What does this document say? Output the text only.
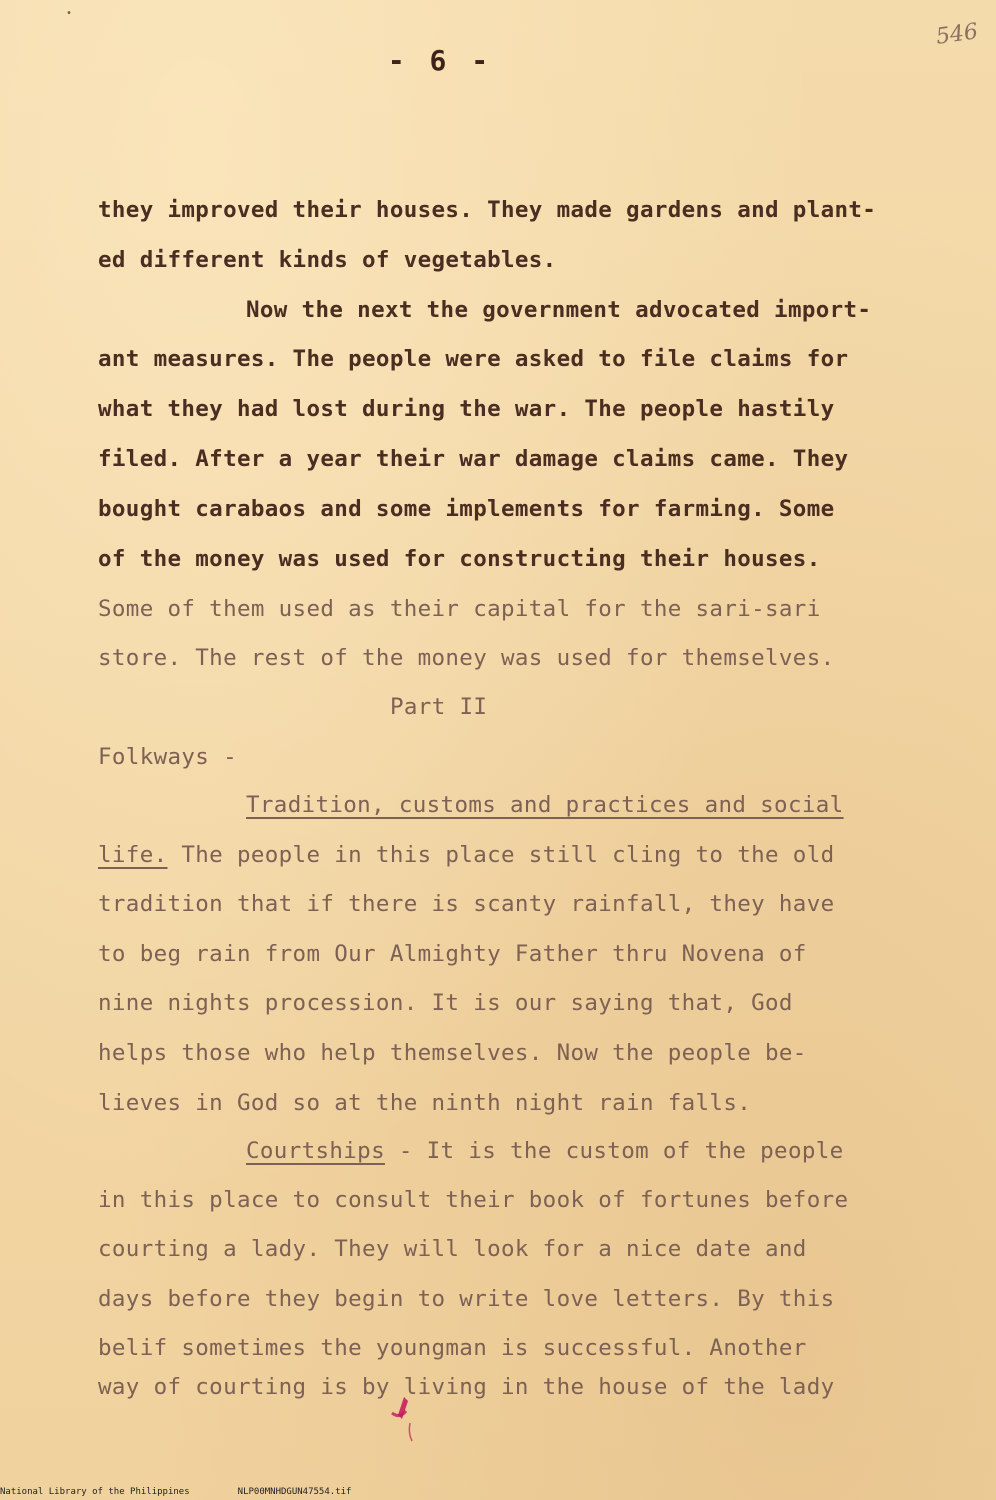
•
546
- 6 -
they improved their houses. They made gardens and plant-
ed different kinds of vegetables.
Now the next the government advocated import-
ant measures. The people were asked to file claims for
what they had lost during the war. The people hastily
filed. After a year their war damage claims came. They
bought carabaos and some implements for farming. Some
of the money was used for constructing their houses.
Some of them used as their capital for the sari-sari
store. The rest of the money was used for themselves.
Part II
Folkways -
Tradition, customs and practices and social
life. The people in this place still cling to the old
tradition that if there is scanty rainfall, they have
to beg rain from Our Almighty Father thru Novena of
nine nights procession. It is our saying that, God
helps those who help themselves. Now the people be-
lieves in God so at the ninth night rain falls.
Courtships - It is the custom of the people
in this place to consult their book of fortunes before
courting a lady. They will look for a nice date and
days before they begin to write love letters. By this
belif sometimes the youngman is successful. Another
way of courting is by living in the house of the lady
National Library of the Philippines	NLP00MNHDGUN47554.tif
